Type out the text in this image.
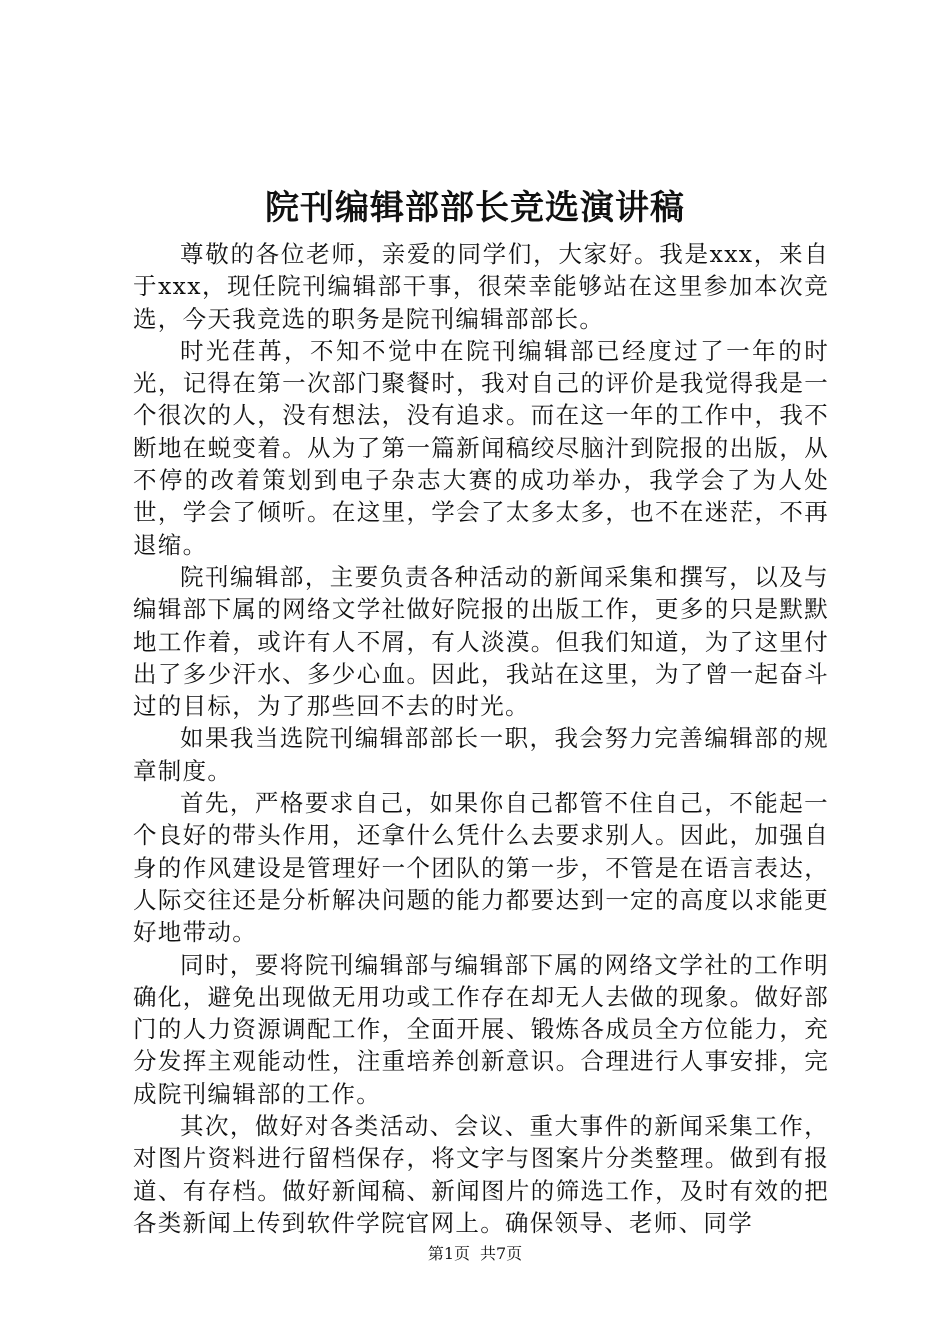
院刊编辑部部长竞选演讲稿

尊敬的各位老师，亲爱的同学们，大家好。我是xxx，来自于xxx，现任院刊编辑部干事，很荣幸能够站在这里参加本次竞选，今天我竞选的职务是院刊编辑部部长。

时光荏苒，不知不觉中在院刊编辑部已经度过了一年的时光，记得在第一次部门聚餐时，我对自己的评价是我觉得我是一个很次的人，没有想法，没有追求。而在这一年的工作中，我不断地在蜕变着。从为了第一篇新闻稿绞尽脑汁到院报的出版，从不停的改着策划到电子杂志大赛的成功举办，我学会了为人处世，学会了倾听。在这里，学会了太多太多，也不在迷茫，不再退缩。

院刊编辑部，主要负责各种活动的新闻采集和撰写，以及与编辑部下属的网络文学社做好院报的出版工作，更多的只是默默地工作着，或许有人不屑，有人淡漠。但我们知道，为了这里付出了多少汗水、多少心血。因此，我站在这里，为了曾一起奋斗过的目标，为了那些回不去的时光。

如果我当选院刊编辑部部长一职，我会努力完善编辑部的规章制度。

首先，严格要求自己，如果你自己都管不住自己，不能起一个良好的带头作用，还拿什么凭什么去要求别人。因此，加强自身的作风建设是管理好一个团队的第一步，不管是在语言表达，人际交往还是分析解决问题的能力都要达到一定的高度以求能更好地带动。

同时，要将院刊编辑部与编辑部下属的网络文学社的工作明确化，避免出现做无用功或工作存在却无人去做的现象。做好部门的人力资源调配工作，全面开展、锻炼各成员全方位能力，充分发挥主观能动性，注重培养创新意识。合理进行人事安排，完成院刊编辑部的工作。

其次，做好对各类活动、会议、重大事件的新闻采集工作，对图片资料进行留档保存，将文字与图案片分类整理。做到有报道、有存档。做好新闻稿、新闻图片的筛选工作，及时有效的把各类新闻上传到软件学院官网上。确保领导、老师、同学

第1页 共7页
